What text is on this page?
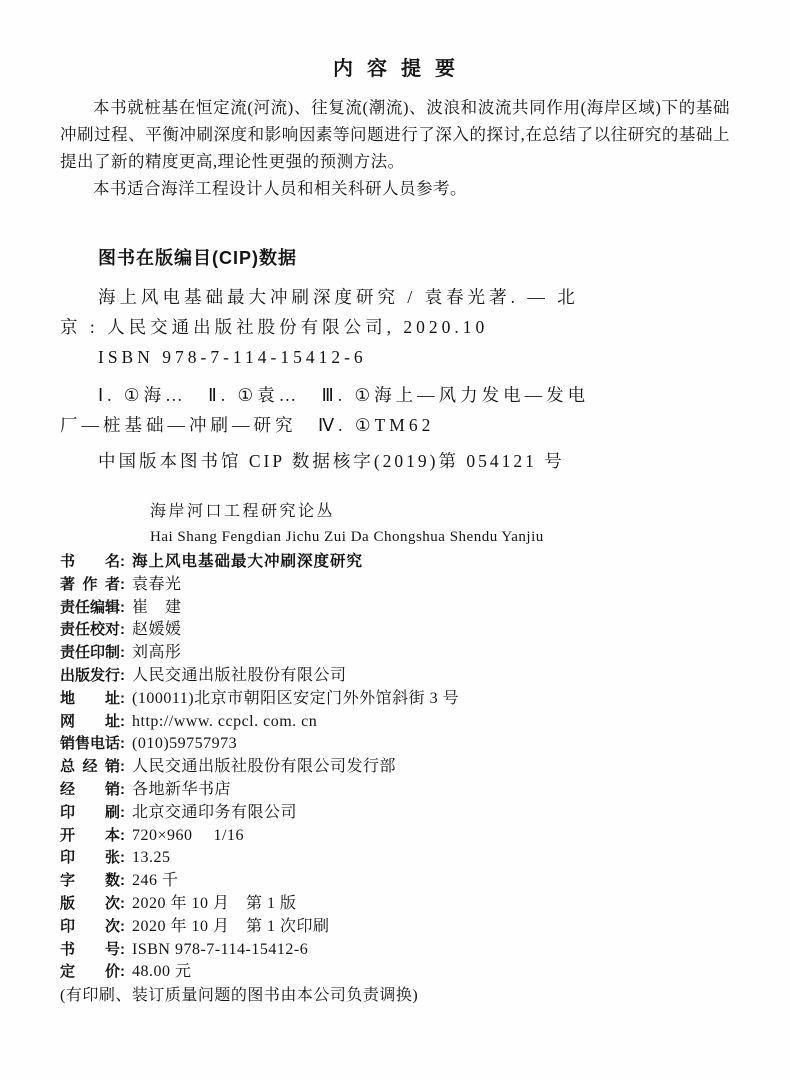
内 容 提 要

本书就桩基在恒定流(河流)、往复流(潮流)、波浪和波流共同作用(海岸区域)下的基础冲刷过程、平衡冲刷深度和影响因素等问题进行了深入的探讨,在总结了以往研究的基础上提出了新的精度更高,理论性更强的预测方法。

本书适合海洋工程设计人员和相关科研人员参考。

图书在版编目(CIP)数据
海上风电基础最大冲刷深度研究 / 袁春光著. — 北
京 : 人民交通出版社股份有限公司, 2020.10
ISBN 978-7-114-15412-6
Ⅰ. ①海…　Ⅱ. ①袁…　Ⅲ. ①海上—风力发电—发电
厂—桩基础—冲刷—研究　Ⅳ. ①TM62
中国版本图书馆 CIP 数据核字(2019)第 054121 号
海岸河口工程研究论丛
Hai Shang Fengdian Jichu Zui Da Chongshua Shendu Yanjiu
书　　名: 海上风电基础最大冲刷深度研究
著 作 者: 袁春光
责任编辑: 崔　建
责任校对: 赵媛媛
责任印制: 刘高彤
出版发行: 人民交通出版社股份有限公司
地　　址: (100011)北京市朝阳区安定门外外馆斜街 3 号
网　　址: http://www. ccpcl. com. cn
销售电话: (010)59757973
总 经 销: 人民交通出版社股份有限公司发行部
经　　销: 各地新华书店
印　　刷: 北京交通印务有限公司
开　　本: 720×960　 1/16
印　　张: 13.25
字　　数: 246 千
版　　次: 2020 年 10 月　第 1 版
印　　次: 2020 年 10 月　第 1 次印刷
书　　号: ISBN 978-7-114-15412-6
定　　价: 48.00 元
(有印刷、装订质量问题的图书由本公司负责调换)
